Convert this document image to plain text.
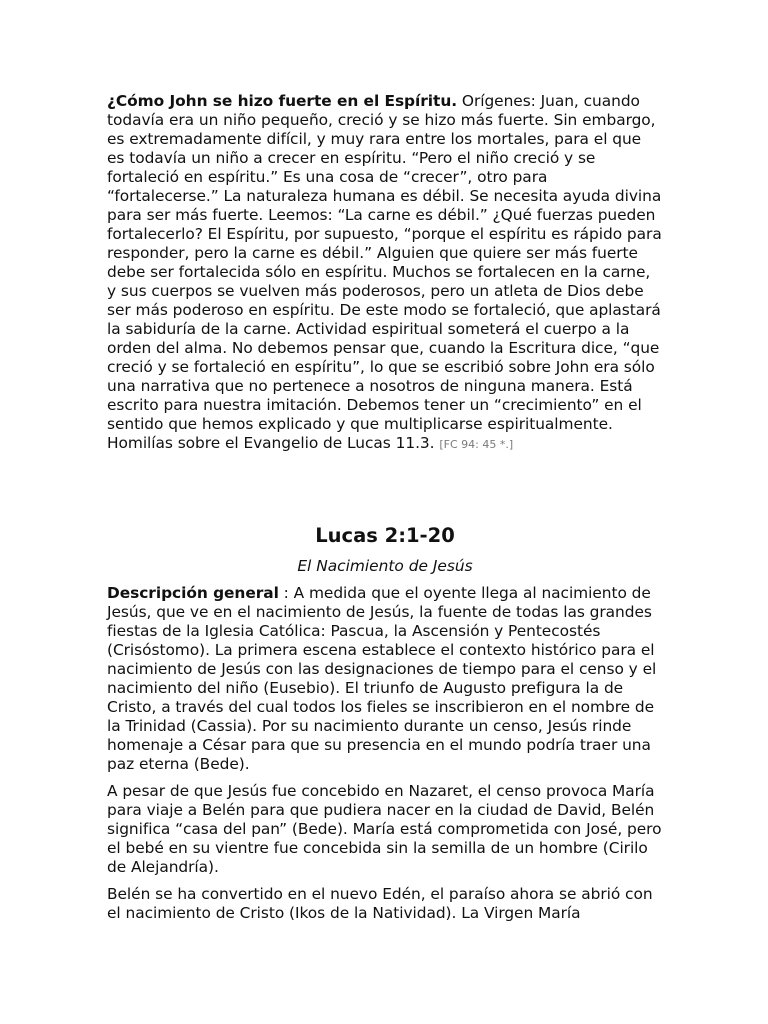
¿Cómo John se hizo fuerte en el Espíritu. Orígenes: Juan, cuando todavía era un niño pequeño, creció y se hizo más fuerte. Sin embargo, es extremadamente difícil, y muy rara entre los mortales, para el que es todavía un niño a crecer en espíritu. “Pero el niño creció y se fortaleció en espíritu.” Es una cosa de “crecer”, otro para “fortalecerse.” La naturaleza humana es débil. Se necesita ayuda divina para ser más fuerte. Leemos: “La carne es débil.” ¿Qué fuerzas pueden fortalecerlo? El Espíritu, por supuesto, “porque el espíritu es rápido para responder, pero la carne es débil.” Alguien que quiere ser más fuerte debe ser fortalecida sólo en espíritu. Muchos se fortalecen en la carne, y sus cuerpos se vuelven más poderosos, pero un atleta de Dios debe ser más poderoso en espíritu. De este modo se fortaleció, que aplastará la sabiduría de la carne. Actividad espiritual someterá el cuerpo a la orden del alma. No debemos pensar que, cuando la Escritura dice, “que creció y se fortaleció en espíritu”, lo que se escribió sobre John era sólo una narrativa que no pertenece a nosotros de ninguna manera. Está escrito para nuestra imitación. Debemos tener un “crecimiento” en el sentido que hemos explicado y que multiplicarse espiritualmente. Homilías sobre el Evangelio de Lucas 11.3. [FC 94: 45 *.]

Lucas 2:1-20

El Nacimiento de Jesús

Descripción general : A medida que el oyente llega al nacimiento de Jesús, que ve en el nacimiento de Jesús, la fuente de todas las grandes fiestas de la Iglesia Católica: Pascua, la Ascensión y Pentecostés (Crisóstomo). La primera escena establece el contexto histórico para el nacimiento de Jesús con las designaciones de tiempo para el censo y el nacimiento del niño (Eusebio). El triunfo de Augusto prefigura la de Cristo, a través del cual todos los fieles se inscribieron en el nombre de la Trinidad (Cassia). Por su nacimiento durante un censo, Jesús rinde homenaje a César para que su presencia en el mundo podría traer una paz eterna (Bede).

A pesar de que Jesús fue concebido en Nazaret, el censo provoca María para viaje a Belén para que pudiera nacer en la ciudad de David, Belén significa “casa del pan” (Bede). María está comprometida con José, pero el bebé en su vientre fue concebida sin la semilla de un hombre (Cirilo de Alejandría).

Belén se ha convertido en el nuevo Edén, el paraíso ahora se abrió con el nacimiento de Cristo (Ikos de la Natividad). La Virgen María
